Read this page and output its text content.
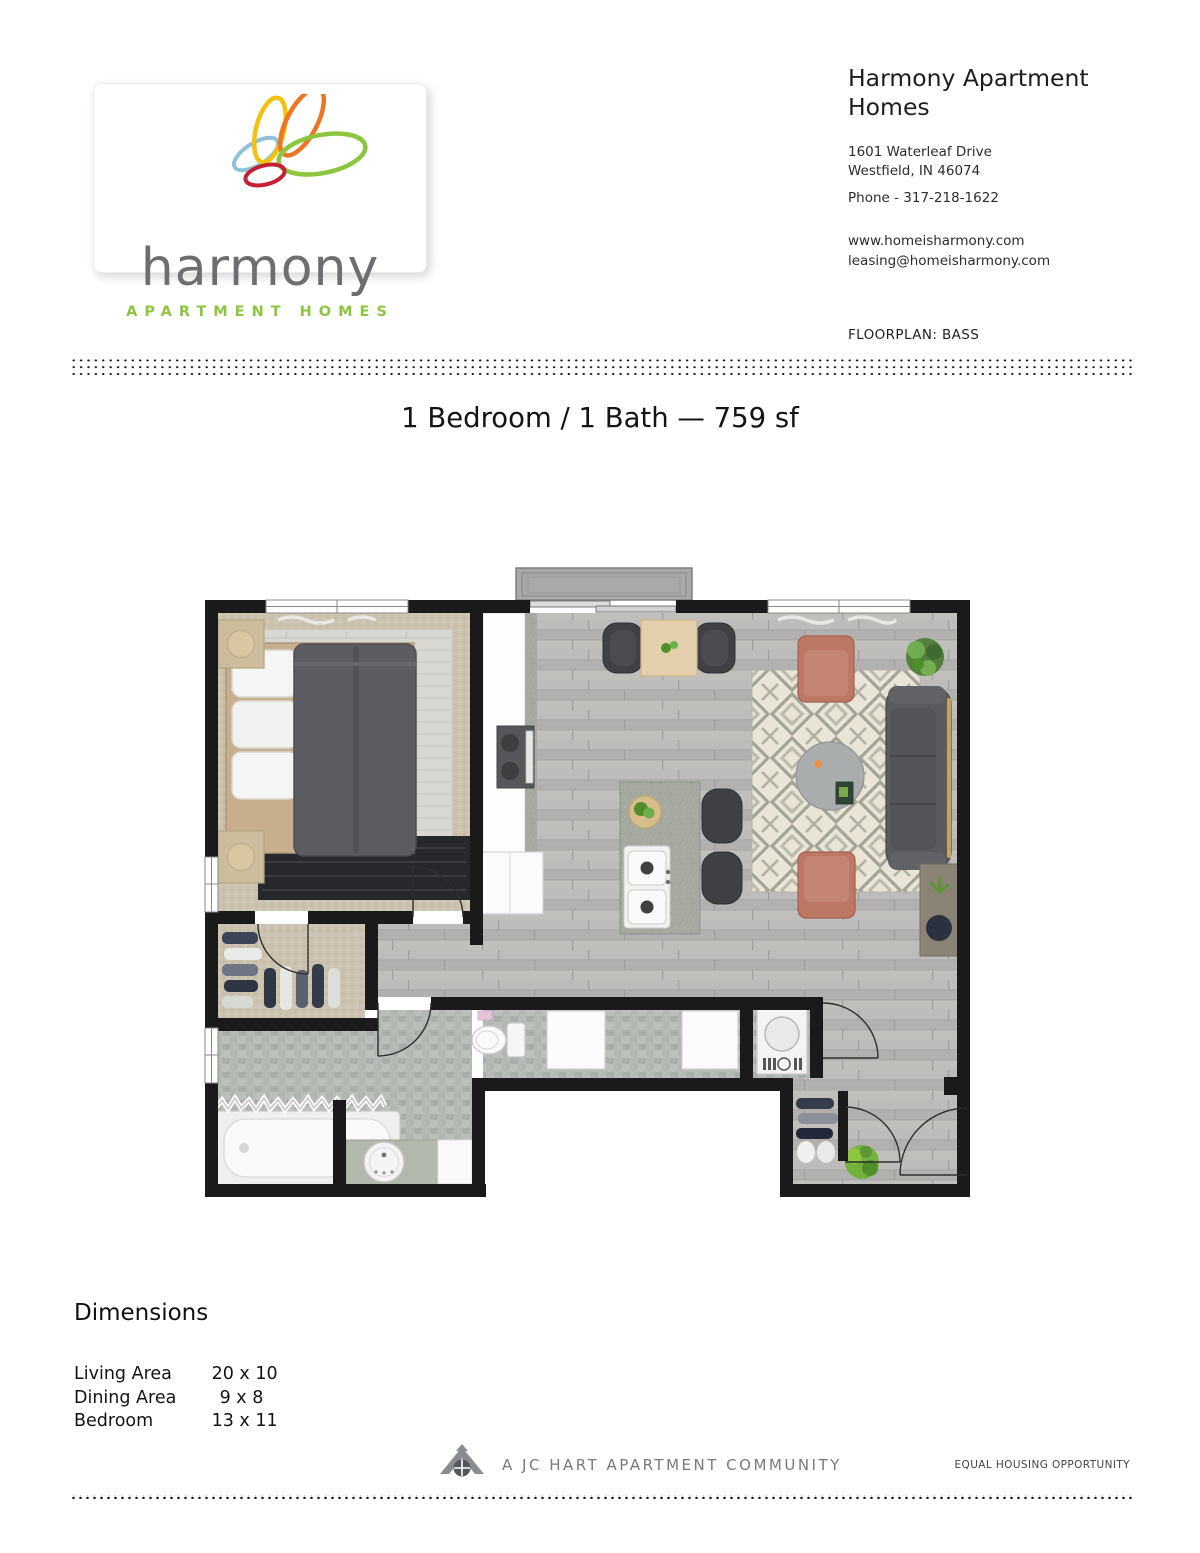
harmony
APARTMENT HOMES
Harmony Apartment
Homes
1601 Waterleaf Drive
Westfield, IN 46074
Phone - 317-218-1622
www.homeisharmony.com
leasing@homeisharmony.com
FLOORPLAN: BASS
1 Bedroom / 1 Bath — 759 sf
Dimensions
Living Area 20 x 10
Dining Area 9 x 8
Bedroom	13 x 11
A JC HART APARTMENT COMMUNITY	EQUAL HOUSING OPPORTUNITY
